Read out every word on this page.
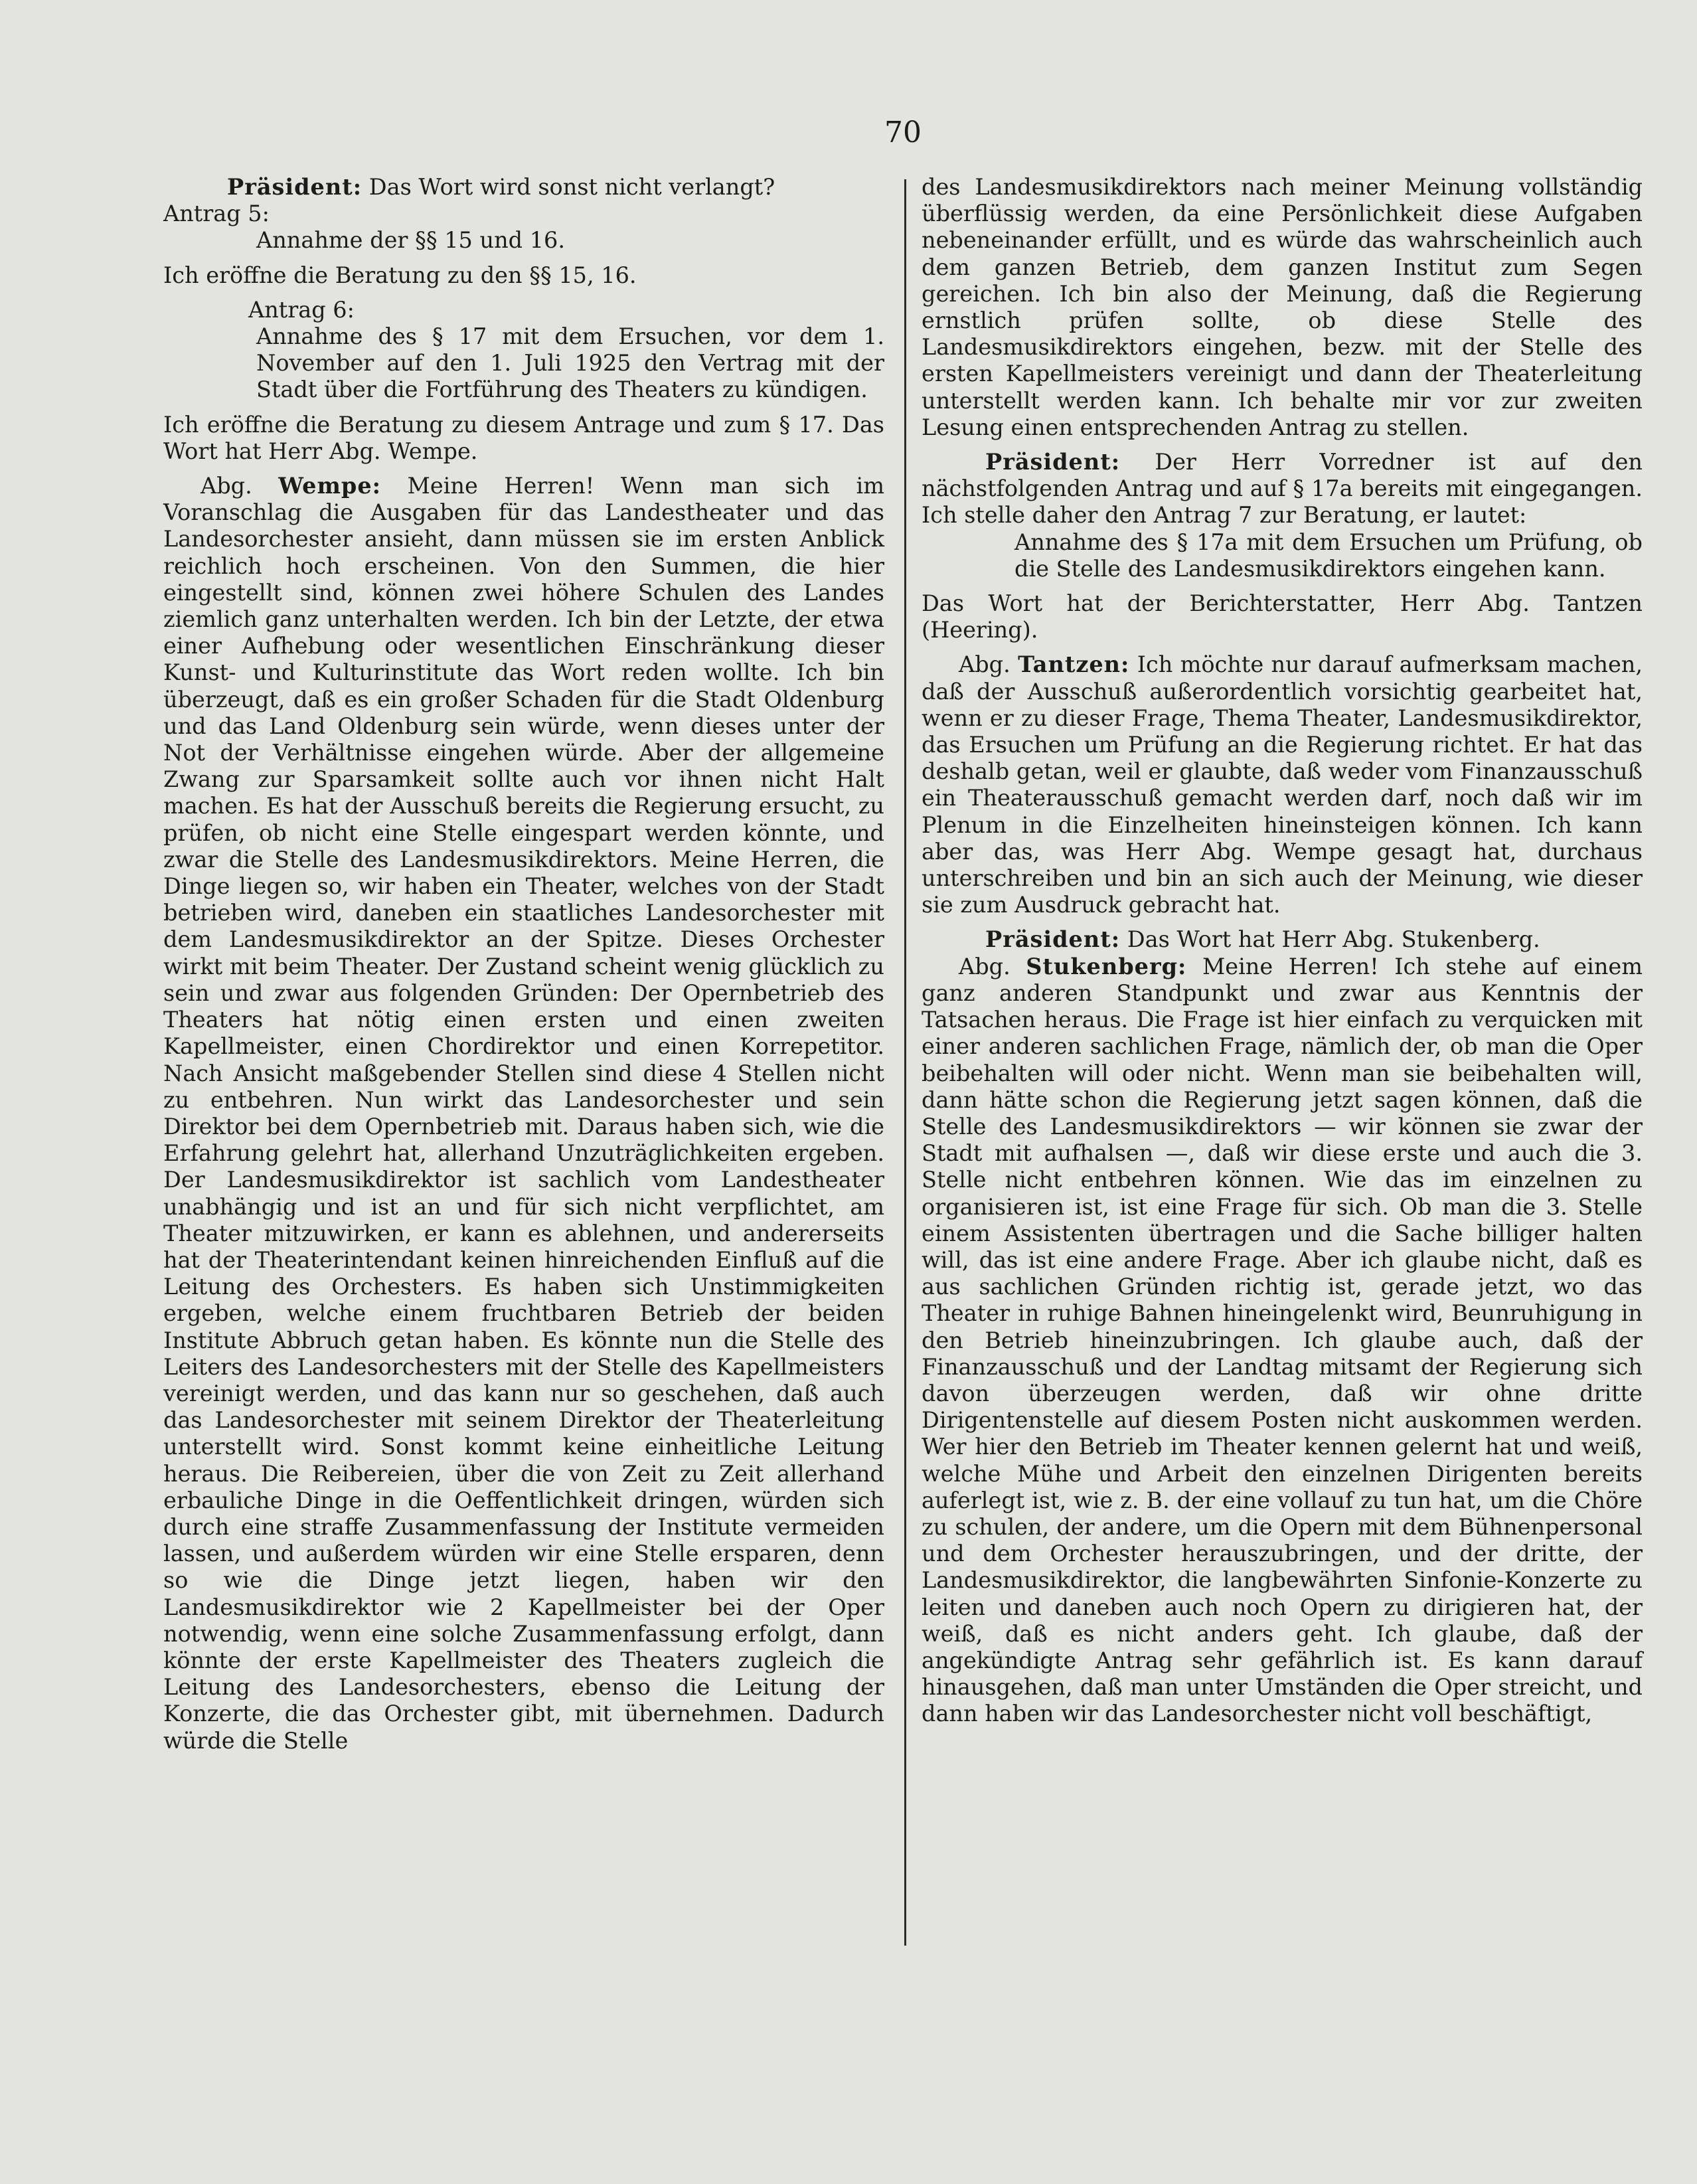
70

Präsident: Das Wort wird sonst nicht verlangt?

Antrag 5:

Annahme der §§ 15 und 16.

Ich eröffne die Beratung zu den §§ 15, 16.

Antrag 6:

Annahme des § 17 mit dem Ersuchen, vor dem 1. November auf den 1. Juli 1925 den Vertrag mit der Stadt über die Fortführung des Theaters zu kündigen.

Ich eröffne die Beratung zu diesem Antrage und zum § 17. Das Wort hat Herr Abg. Wempe.

Abg. Wempe: Meine Herren! Wenn man sich im Voranschlag die Ausgaben für das Landestheater und das Landesorchester ansieht, dann müssen sie im ersten Anblick reichlich hoch erscheinen. Von den Summen, die hier eingestellt sind, können zwei höhere Schulen des Landes ziemlich ganz unterhalten werden. Ich bin der Letzte, der etwa einer Aufhebung oder wesentlichen Einschränkung dieser Kunst- und Kulturinstitute das Wort reden wollte. Ich bin überzeugt, daß es ein großer Schaden für die Stadt Oldenburg und das Land Oldenburg sein würde, wenn dieses unter der Not der Verhältnisse eingehen würde. Aber der allgemeine Zwang zur Sparsamkeit sollte auch vor ihnen nicht Halt machen. Es hat der Ausschuß bereits die Regierung ersucht, zu prüfen, ob nicht eine Stelle eingespart werden könnte, und zwar die Stelle des Landesmusikdirektors. Meine Herren, die Dinge liegen so, wir haben ein Theater, welches von der Stadt betrieben wird, daneben ein staatliches Landesorchester mit dem Landesmusikdirektor an der Spitze. Dieses Orchester wirkt mit beim Theater. Der Zustand scheint wenig glücklich zu sein und zwar aus folgenden Gründen: Der Opernbetrieb des Theaters hat nötig einen ersten und einen zweiten Kapellmeister, einen Chordirektor und einen Korrepetitor. Nach Ansicht maßgebender Stellen sind diese 4 Stellen nicht zu entbehren. Nun wirkt das Landesorchester und sein Direktor bei dem Opernbetrieb mit. Daraus haben sich, wie die Erfahrung gelehrt hat, allerhand Unzuträglichkeiten ergeben. Der Landesmusikdirektor ist sachlich vom Landestheater unabhängig und ist an und für sich nicht verpflichtet, am Theater mitzuwirken, er kann es ablehnen, und andererseits hat der Theaterintendant keinen hinreichenden Einfluß auf die Leitung des Orchesters. Es haben sich Unstimmigkeiten ergeben, welche einem fruchtbaren Betrieb der beiden Institute Abbruch getan haben. Es könnte nun die Stelle des Leiters des Landesorchesters mit der Stelle des Kapellmeisters vereinigt werden, und das kann nur so geschehen, daß auch das Landesorchester mit seinem Direktor der Theaterleitung unterstellt wird. Sonst kommt keine einheitliche Leitung heraus. Die Reibereien, über die von Zeit zu Zeit allerhand erbauliche Dinge in die Oeffentlichkeit dringen, würden sich durch eine straffe Zusammenfassung der Institute vermeiden lassen, und außerdem würden wir eine Stelle ersparen, denn so wie die Dinge jetzt liegen, haben wir den Landesmusikdirektor wie 2 Kapellmeister bei der Oper notwendig, wenn eine solche Zusammenfassung erfolgt, dann könnte der erste Kapellmeister des Theaters zugleich die Leitung des Landesorchesters, ebenso die Leitung der Konzerte, die das Orchester gibt, mit übernehmen. Dadurch würde die Stelle

des Landesmusikdirektors nach meiner Meinung vollständig überflüssig werden, da eine Persönlichkeit diese Aufgaben nebeneinander erfüllt, und es würde das wahrscheinlich auch dem ganzen Betrieb, dem ganzen Institut zum Segen gereichen. Ich bin also der Meinung, daß die Regierung ernstlich prüfen sollte, ob diese Stelle des Landesmusikdirektors eingehen, bezw. mit der Stelle des ersten Kapellmeisters vereinigt und dann der Theaterleitung unterstellt werden kann. Ich behalte mir vor zur zweiten Lesung einen entsprechenden Antrag zu stellen.

Präsident: Der Herr Vorredner ist auf den nächstfolgenden Antrag und auf § 17a bereits mit eingegangen. Ich stelle daher den Antrag 7 zur Beratung, er lautet:

Annahme des § 17a mit dem Ersuchen um Prüfung, ob die Stelle des Landesmusikdirektors eingehen kann.

Das Wort hat der Berichterstatter, Herr Abg. Tantzen (Heering).

Abg. Tantzen: Ich möchte nur darauf aufmerksam machen, daß der Ausschuß außerordentlich vorsichtig gearbeitet hat, wenn er zu dieser Frage, Thema Theater, Landesmusikdirektor, das Ersuchen um Prüfung an die Regierung richtet. Er hat das deshalb getan, weil er glaubte, daß weder vom Finanzausschuß ein Theaterausschuß gemacht werden darf, noch daß wir im Plenum in die Einzelheiten hineinsteigen können. Ich kann aber das, was Herr Abg. Wempe gesagt hat, durchaus unterschreiben und bin an sich auch der Meinung, wie dieser sie zum Ausdruck gebracht hat.

Präsident: Das Wort hat Herr Abg. Stukenberg.

Abg. Stukenberg: Meine Herren! Ich stehe auf einem ganz anderen Standpunkt und zwar aus Kenntnis der Tatsachen heraus. Die Frage ist hier einfach zu verquicken mit einer anderen sachlichen Frage, nämlich der, ob man die Oper beibehalten will oder nicht. Wenn man sie beibehalten will, dann hätte schon die Regierung jetzt sagen können, daß die Stelle des Landesmusikdirektors — wir können sie zwar der Stadt mit aufhalsen —, daß wir diese erste und auch die 3. Stelle nicht entbehren können. Wie das im einzelnen zu organisieren ist, ist eine Frage für sich. Ob man die 3. Stelle einem Assistenten übertragen und die Sache billiger halten will, das ist eine andere Frage. Aber ich glaube nicht, daß es aus sachlichen Gründen richtig ist, gerade jetzt, wo das Theater in ruhige Bahnen hineingelenkt wird, Beunruhigung in den Betrieb hineinzubringen. Ich glaube auch, daß der Finanzausschuß und der Landtag mitsamt der Regierung sich davon überzeugen werden, daß wir ohne dritte Dirigentenstelle auf diesem Posten nicht auskommen werden. Wer hier den Betrieb im Theater kennen gelernt hat und weiß, welche Mühe und Arbeit den einzelnen Dirigenten bereits auferlegt ist, wie z. B. der eine vollauf zu tun hat, um die Chöre zu schulen, der andere, um die Opern mit dem Bühnenpersonal und dem Orchester herauszubringen, und der dritte, der Landesmusikdirektor, die langbewährten Sinfonie-Konzerte zu leiten und daneben auch noch Opern zu dirigieren hat, der weiß, daß es nicht anders geht. Ich glaube, daß der angekündigte Antrag sehr gefährlich ist. Es kann darauf hinausgehen, daß man unter Umständen die Oper streicht, und dann haben wir das Landesorchester nicht voll beschäftigt,
